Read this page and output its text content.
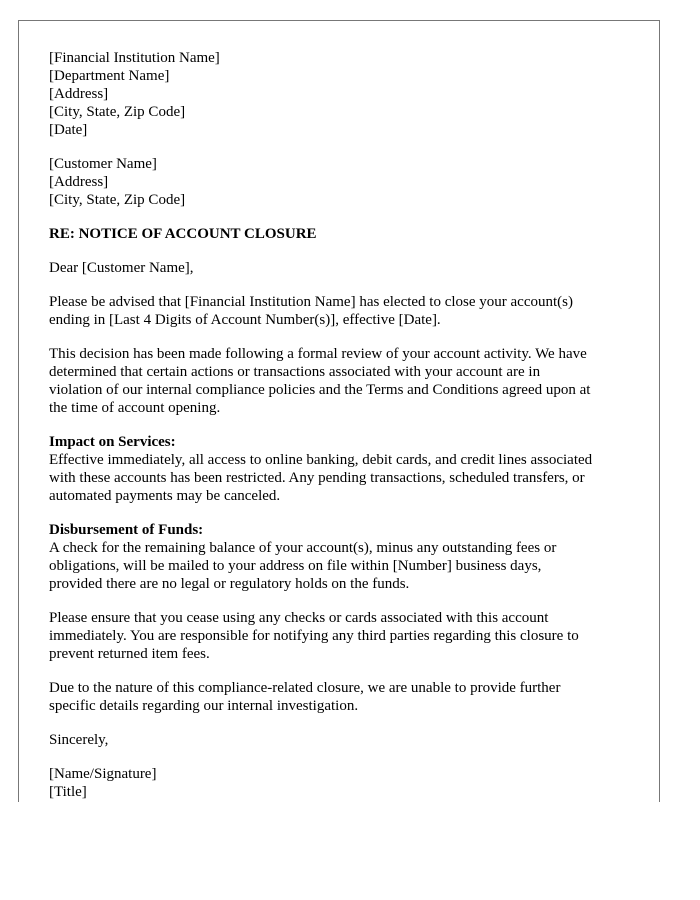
[Financial Institution Name]
[Department Name]
[Address]
[City, State, Zip Code]
[Date]
[Customer Name]
[Address]
[City, State, Zip Code]

RE: NOTICE OF ACCOUNT CLOSURE

Dear [Customer Name],

Please be advised that [Financial Institution Name] has elected to close your account(s)
ending in [Last 4 Digits of Account Number(s)], effective [Date].

This decision has been made following a formal review of your account activity. We have
determined that certain actions or transactions associated with your account are in
violation of our internal compliance policies and the Terms and Conditions agreed upon at
the time of account opening.

Impact on Services:
Effective immediately, all access to online banking, debit cards, and credit lines associated
with these accounts has been restricted. Any pending transactions, scheduled transfers, or
automated payments may be canceled.

Disbursement of Funds:
A check for the remaining balance of your account(s), minus any outstanding fees or
obligations, will be mailed to your address on file within [Number] business days,
provided there are no legal or regulatory holds on the funds.

Please ensure that you cease using any checks or cards associated with this account
immediately. You are responsible for notifying any third parties regarding this closure to
prevent returned item fees.

Due to the nature of this compliance-related closure, we are unable to provide further
specific details regarding our internal investigation.

Sincerely,

[Name/Signature]
[Title]
